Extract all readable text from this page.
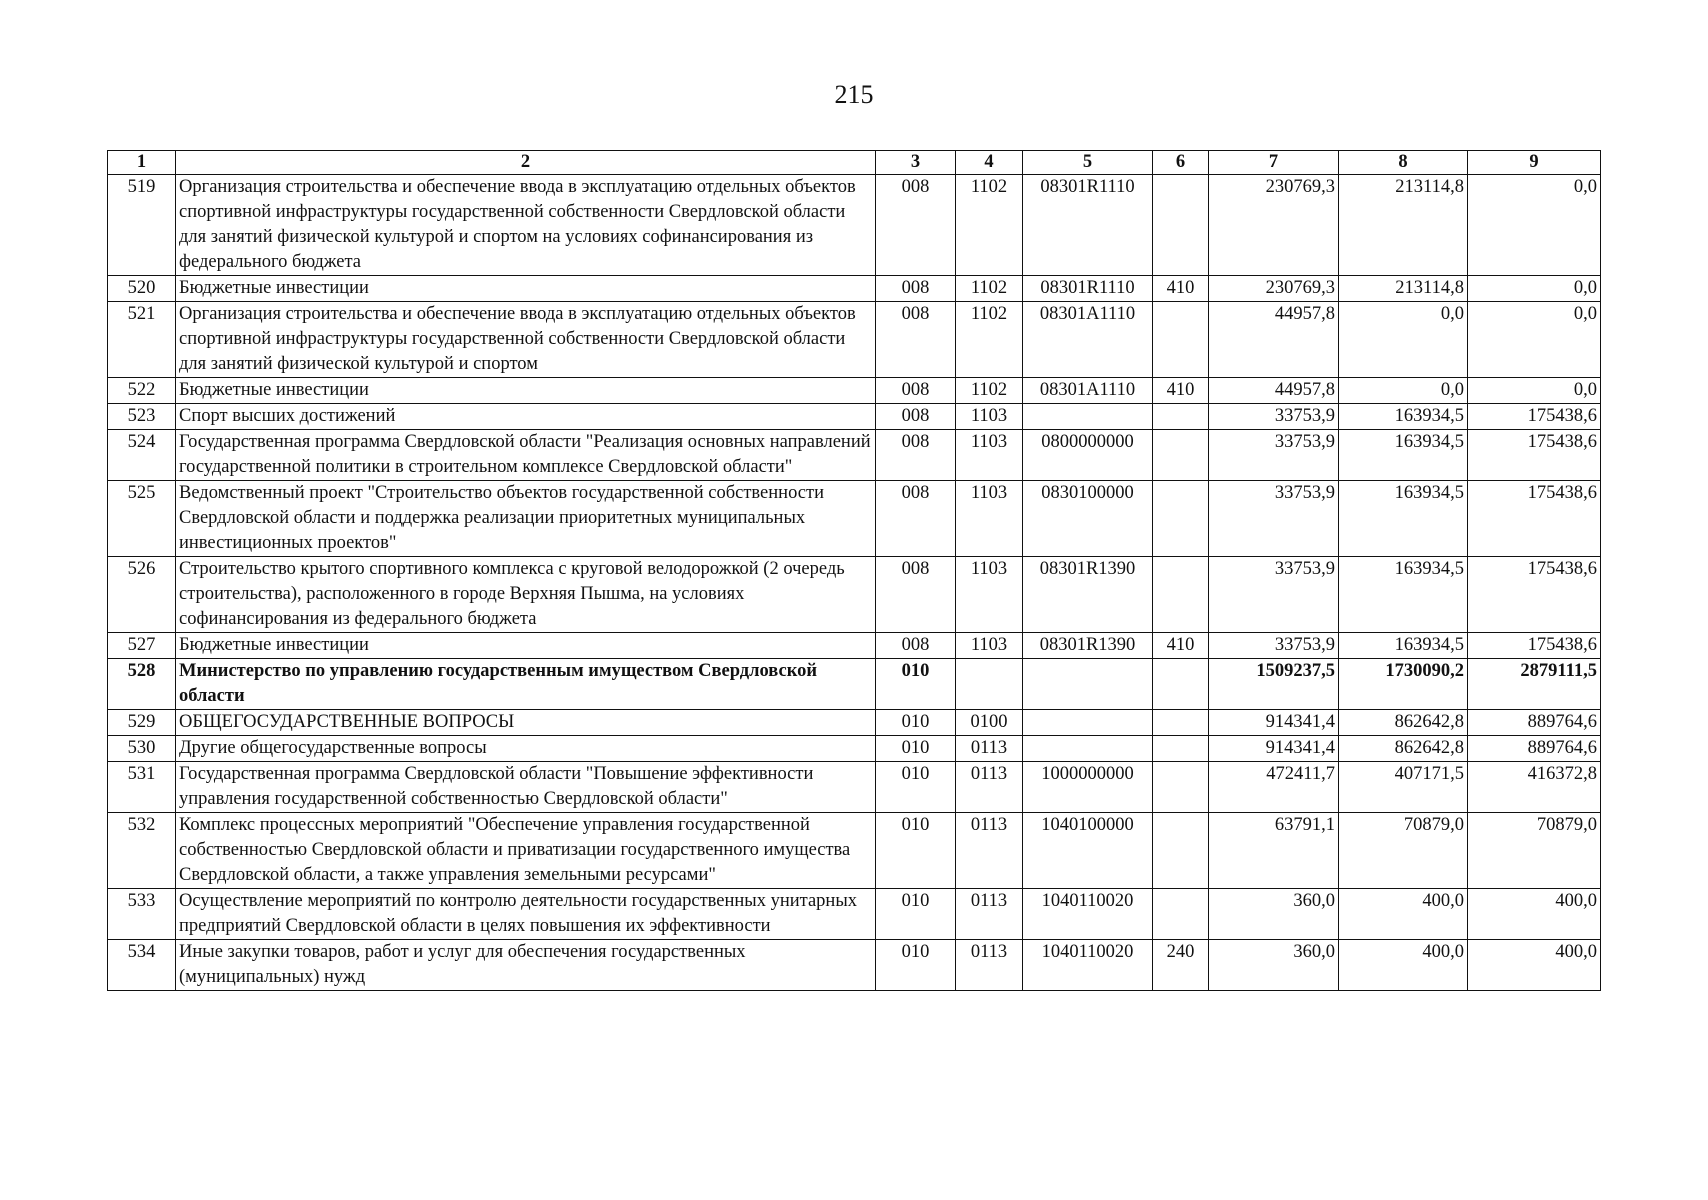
215
1	2	3	4	5	6	7	8	9
519	Организация строительства и обеспечение ввода в эксплуатацию отдельных объектов спортивной инфраструктуры государственной собственности Свердловской области для занятий физической культурой и спортом на условиях софинансирования из федерального бюджета	008	1102	08301R1110		230769,3	213114,8	0,0
520	Бюджетные инвестиции	008	1102	08301R1110	410	230769,3	213114,8	0,0
521	Организация строительства и обеспечение ввода в эксплуатацию отдельных объектов спортивной инфраструктуры государственной собственности Свердловской области для занятий физической культурой и спортом	008	1102	08301A1110		44957,8	0,0	0,0
522	Бюджетные инвестиции	008	1102	08301A1110	410	44957,8	0,0	0,0
523	Спорт высших достижений	008	1103			33753,9	163934,5	175438,6
524	Государственная программа Свердловской области "Реализация основных направлений государственной политики в строительном комплексе Свердловской области"	008	1103	0800000000		33753,9	163934,5	175438,6
525	Ведомственный проект "Строительство объектов государственной собственности Свердловской области и поддержка реализации приоритетных муниципальных инвестиционных проектов"	008	1103	0830100000		33753,9	163934,5	175438,6
526	Строительство крытого спортивного комплекса с круговой велодорожкой (2 очередь строительства), расположенного в городе Верхняя Пышма, на условиях софинансирования из федерального бюджета	008	1103	08301R1390		33753,9	163934,5	175438,6
527	Бюджетные инвестиции	008	1103	08301R1390	410	33753,9	163934,5	175438,6
528	Министерство по управлению государственным имуществом Свердловской области	010				1509237,5	1730090,2	2879111,5
529	ОБЩЕГОСУДАРСТВЕННЫЕ ВОПРОСЫ	010	0100			914341,4	862642,8	889764,6
530	Другие общегосударственные вопросы	010	0113			914341,4	862642,8	889764,6
531	Государственная программа Свердловской области "Повышение эффективности управления государственной собственностью Свердловской области"	010	0113	1000000000		472411,7	407171,5	416372,8
532	Комплекс процессных мероприятий "Обеспечение управления государственной собственностью Свердловской области и приватизации государственного имущества Свердловской области, а также управления земельными ресурсами"	010	0113	1040100000		63791,1	70879,0	70879,0
533	Осуществление мероприятий по контролю деятельности государственных унитарных предприятий Свердловской области в целях повышения их эффективности	010	0113	1040110020		360,0	400,0	400,0
534	Иные закупки товаров, работ и услуг для обеспечения государственных (муниципальных) нужд	010	0113	1040110020	240	360,0	400,0	400,0
